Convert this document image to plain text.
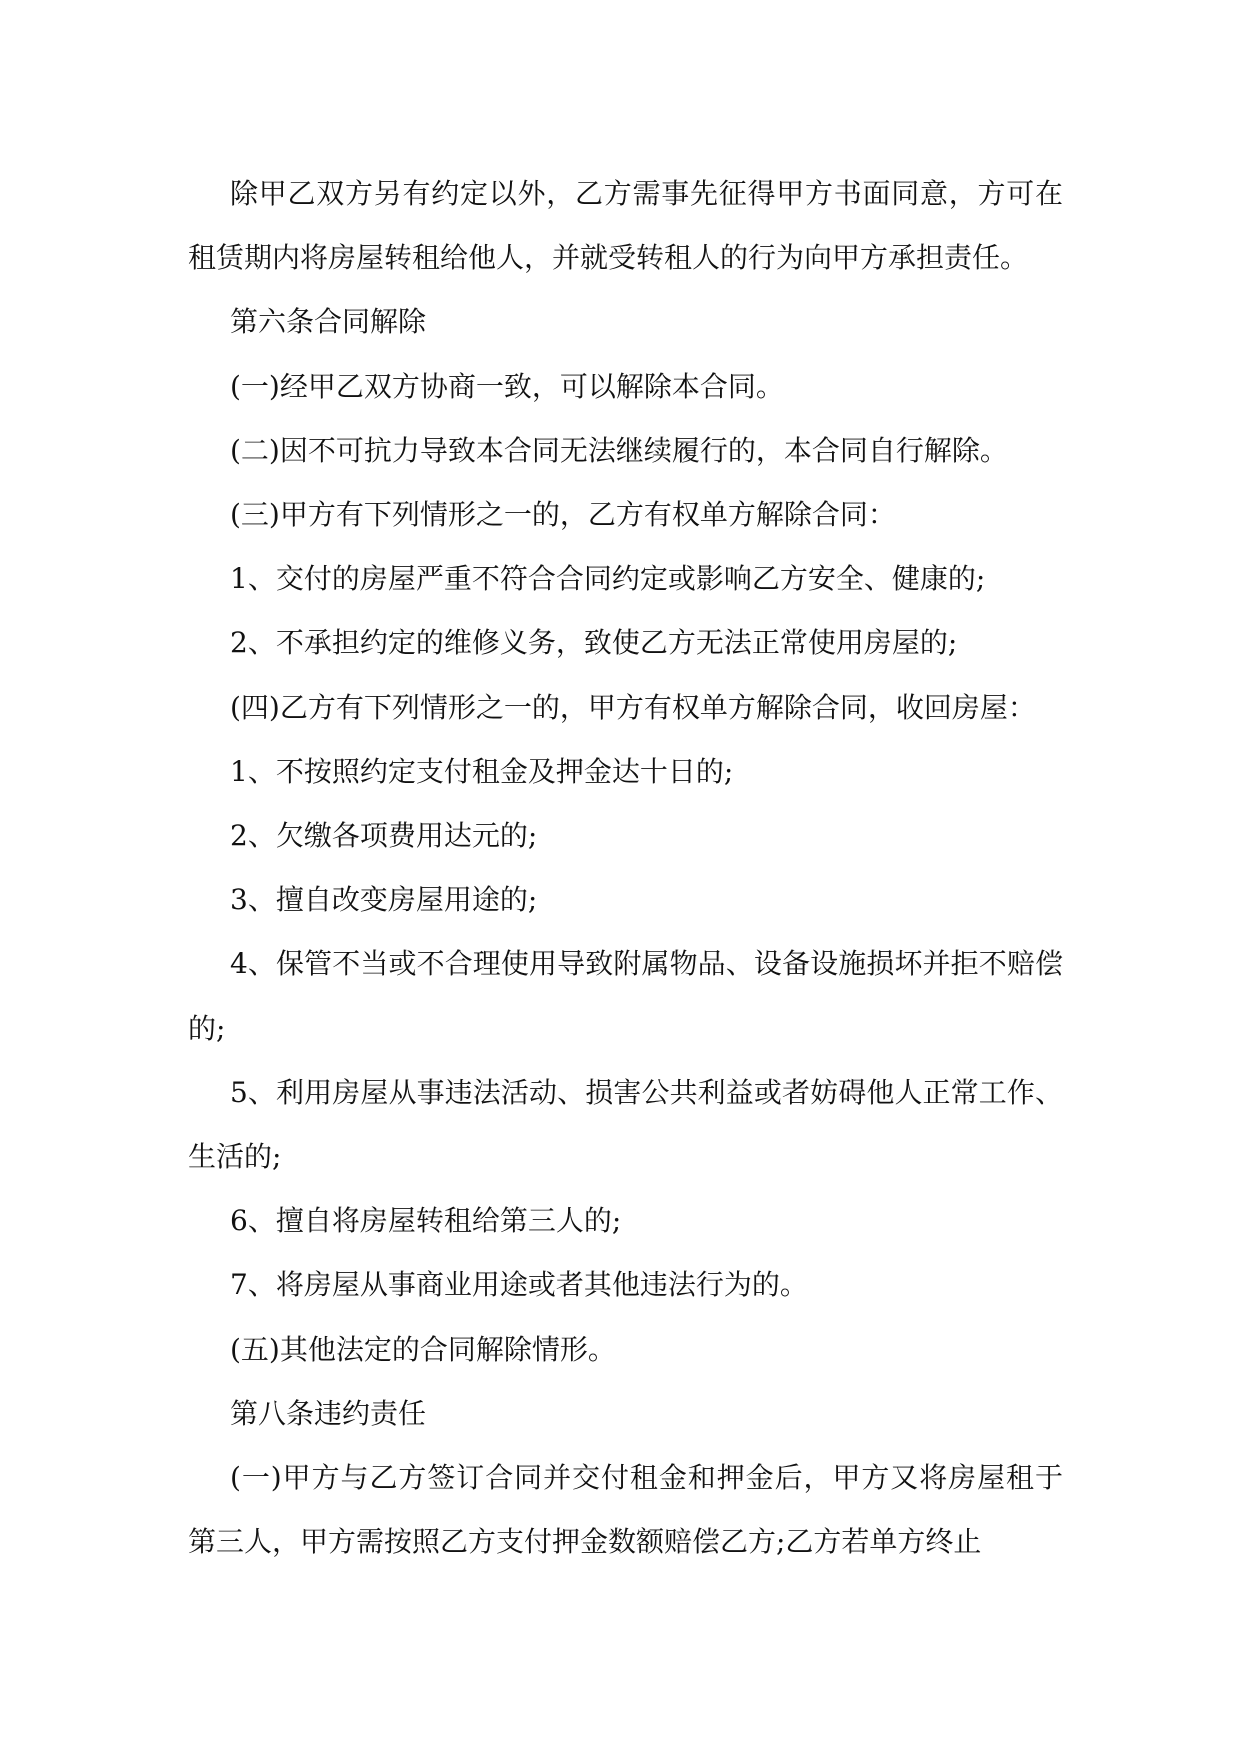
除甲乙双方另有约定以外，乙方需事先征得甲方书面同意，方可在租赁期内将房屋转租给他人，并就受转租人的行为向甲方承担责任。

第六条合同解除

(一)经甲乙双方协商一致，可以解除本合同。

(二)因不可抗力导致本合同无法继续履行的，本合同自行解除。

(三)甲方有下列情形之一的，乙方有权单方解除合同：

1、交付的房屋严重不符合合同约定或影响乙方安全、健康的;

2、不承担约定的维修义务，致使乙方无法正常使用房屋的;

(四)乙方有下列情形之一的，甲方有权单方解除合同，收回房屋：

1、不按照约定支付租金及押金达十日的;

2、欠缴各项费用达元的;

3、擅自改变房屋用途的;

4、保管不当或不合理使用导致附属物品、设备设施损坏并拒不赔偿的;

5、利用房屋从事违法活动、损害公共利益或者妨碍他人正常工作、生活的;

6、擅自将房屋转租给第三人的;

7、将房屋从事商业用途或者其他违法行为的。

(五)其他法定的合同解除情形。

第八条违约责任

(一)甲方与乙方签订合同并交付租金和押金后，甲方又将房屋租于第三人，甲方需按照乙方支付押金数额赔偿乙方;乙方若单方终止
